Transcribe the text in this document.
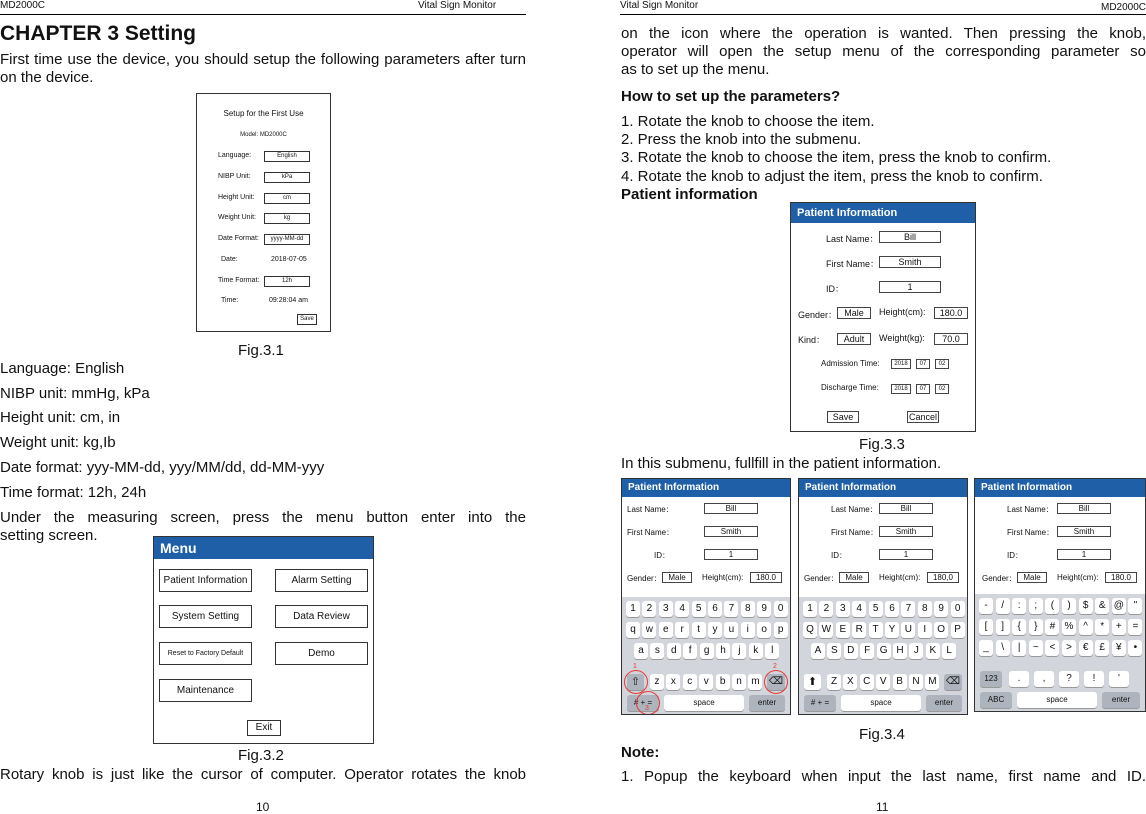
MD2000C	Vital Sign Monitor
CHAPTER 3 Setting
First time use the device, you should setup the following parameters after turn on the device.
Setup for the First Use
Model: MD2000C
Language:	English
NIBP Unit:	kPa
Height Unit:	cm
Weight Unit:	kg
Date Format:	yyyy-MM-dd
Date:	2018-07-05
Time Format:	12h
Time:	09:28:04 am
Save
Fig.3.1
Language: English
NIBP unit: mmHg, kPa
Height unit: cm, in
Weight unit: kg,Ib
Date format: yyy-MM-dd, yyy/MM/dd, dd-MM-yyy
Time format: 12h, 24h
Under the measuring screen, press the menu button enter into the
setting screen.
Menu
Patient Information	Alarm Setting
System Setting	Data Review
Reset to Factory Default	Demo
Maintenance
Exit
Fig.3.2
Rotary knob is just like the cursor of computer. Operator rotates the knob
10
Vital Sign Monitor	MD2000C
on the icon where the operation is wanted. Then pressing the knob,
operator will open the setup menu of the corresponding parameter so
as to set up the menu.
How to set up the parameters?
1. Rotate the knob to choose the item.
2. Press the knob into the submenu.
3. Rotate the knob to choose the item, press the knob to confirm.
4. Rotate the knob to adjust the item, press the knob to confirm.
Patient information
Patient Information
Last Name：	Bill
First Name：	Smith
ID：	1
Gender： Male	Height(cm):	180.0
Kind：	Adult	Weight(kg):	70.0
Admission Time:	2018	07	02
Discharge Time:	2018	07	02
Save	Cancel
Fig.3.3
In this submenu, fullfill in the patient information.
Patient Information
Last Name：	Bill
First Name：	Smith
ID：	1
Gender： Male	Height(cm):	180.0
1	2	3	4	5	6	7	8	9	0
q w	e	r	t	y	u	i	o	p
a	s	d	f	g	h	j	k	l
z	x	c	v	b	n m
⇧	⌫
# + =	space	enter
1	2
3
Patient Information
Last Name：	Bill
First Name：	Smith
ID：	1
Gender： Male	Height(cm):	180,0
1	2	3	4	5	6	7	8	9	0
Q W E R T	Y U	I	O P
A S D F G H	J	K	L
Z	X C V B N M
⬆	⌫
# + =	space	enter
Patient Information
Last Name：	Bill
First Name：	Smith
ID：	1
Gender： Male	Height(cm):	180.0
-	/	:	;	(	)	$	& @ "
[	]	{	}	# % ^	*	+	=
_	\	|	~	<	>	€	£	¥	•
123	.	,	?	!	'
ABC	space	enter
Fig.3.4
Note:
1. Popup the keyboard when input the last name, first name and ID.
11
